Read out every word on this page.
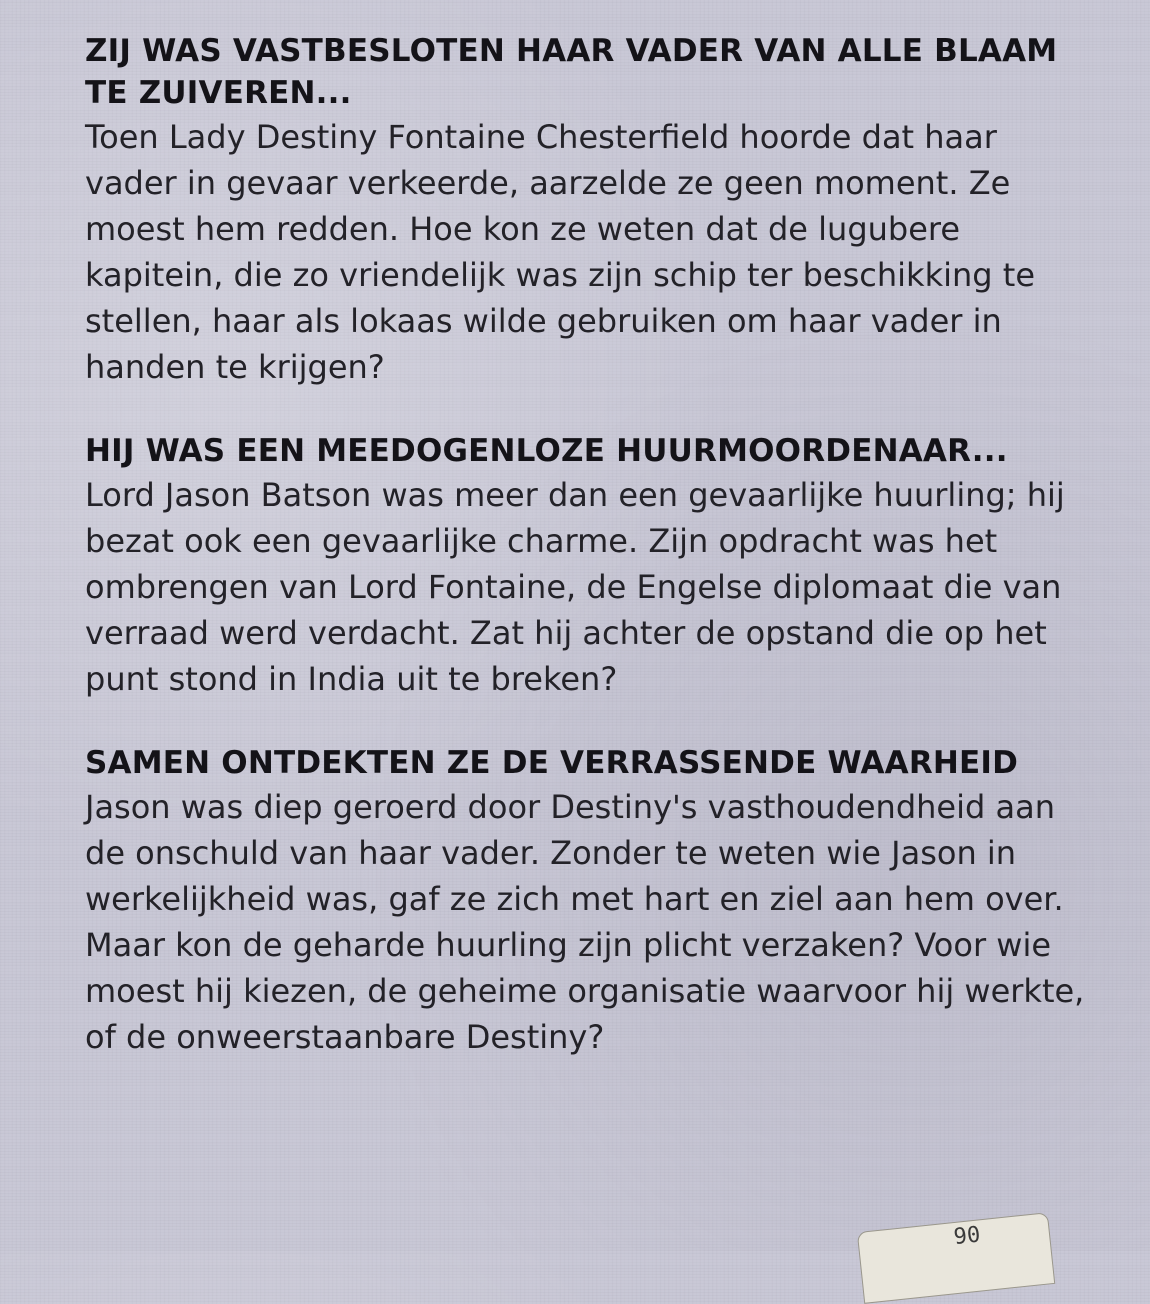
ZIJ WAS VASTBESLOTEN HAAR VADER VAN ALLE BLAAM TE ZUIVEREN...

Toen Lady Destiny Fontaine Chesterfield hoorde dat haar vader in gevaar verkeerde, aarzelde ze geen moment. Ze moest hem redden. Hoe kon ze weten dat de lugubere kapitein, die zo vriendelijk was zijn schip ter beschikking te stellen, haar als lokaas wilde gebruiken om haar vader in handen te krijgen?

HIJ WAS EEN MEEDOGENLOZE HUURMOORDENAAR...

Lord Jason Batson was meer dan een gevaarlijke huurling; hij bezat ook een gevaarlijke charme. Zijn opdracht was het ombrengen van Lord Fontaine, de Engelse diplomaat die van verraad werd verdacht. Zat hij achter de opstand die op het punt stond in India uit te breken?

SAMEN ONTDEKTEN ZE DE VERRASSENDE WAARHEID

Jason was diep geroerd door Destiny's vasthoudendheid aan de onschuld van haar vader. Zonder te weten wie Jason in werkelijkheid was, gaf ze zich met hart en ziel aan hem over. Maar kon de geharde huurling zijn plicht verzaken? Voor wie moest hij kiezen, de geheime organisatie waarvoor hij werkte, of de onweerstaanbare Destiny?

90
